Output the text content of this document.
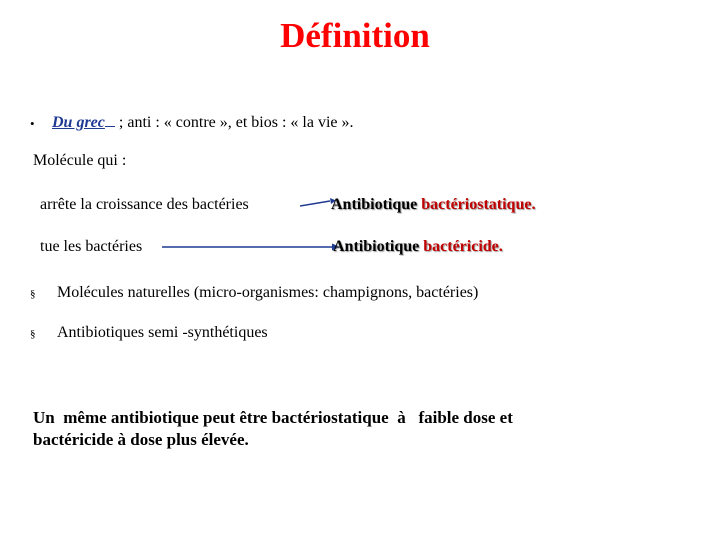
Définition
• Du grec ; anti : « contre », et bios : « la vie ».
Molécule qui :
arrête la croissance des bactéries	Antibiotique bactériostatique.
tue les bactéries	Antibiotique bactéricide.
§ Molécules naturelles (micro-organismes: champignons, bactéries)
§ Antibiotiques semi -synthétiques
Un  même antibiotique peut être bactériostatique  à   faible dose et
bactéricide à dose plus élevée.
